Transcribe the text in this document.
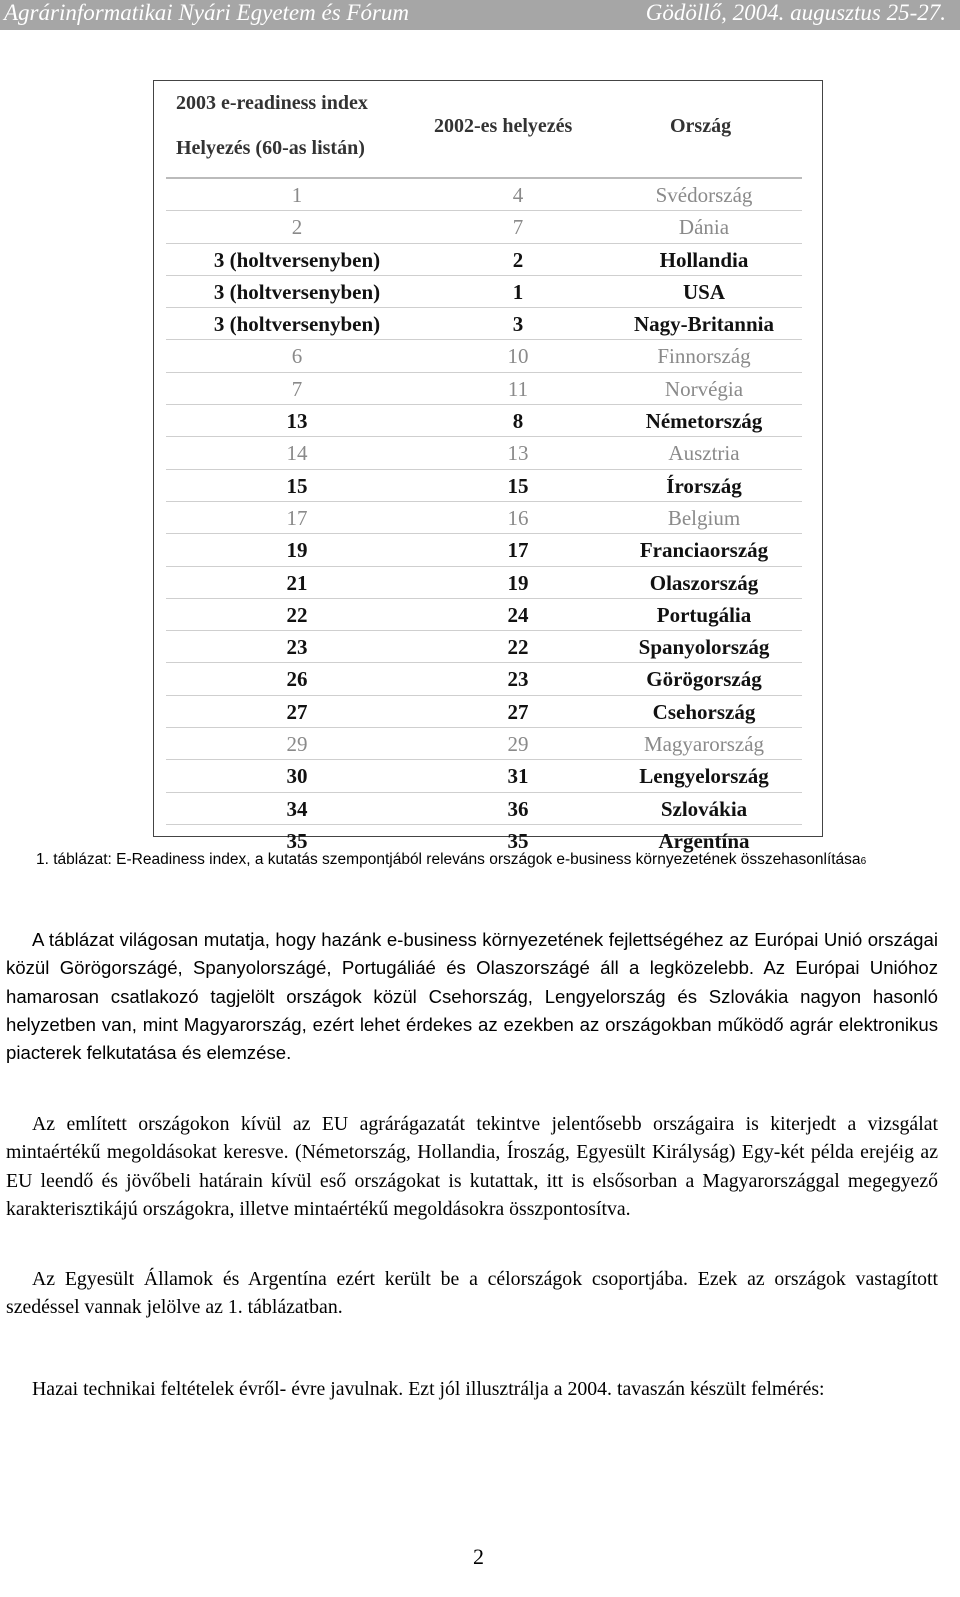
Agrárinformatikai Nyári Egyetem és Fórum	Gödöllő, 2004. augusztus 25-27.
2003 e-readiness index
Helyezés (60-as listán)
2002-es helyezés	Ország
1	4	Svédország
2	7	Dánia
3 (holtversenyben)	2	Hollandia
3 (holtversenyben)	1	USA
3 (holtversenyben)	3	Nagy-Britannia
6	10	Finnország
7	11	Norvégia
13	8	Németország
14	13	Ausztria
15	15	Írország
17	16	Belgium
19	17	Franciaország
21	19	Olaszország
22	24	Portugália
23	22	Spanyolország
26	23	Görögország
27	27	Csehország
29	29	Magyarország
30	31	Lengyelország
34	36	Szlovákia
35	35	Argentína
1. táblázat: E-Readiness index, a kutatás szempontjából releváns országok e-business környezetének összehasonlítása6
A táblázat világosan mutatja, hogy hazánk e-business környezetének fejlettségéhez az Európai Unió országai közül Görögországé, Spanyolországé, Portugáliáé és Olaszországé áll a legközelebb. Az Európai Unióhoz hamarosan csatlakozó tagjelölt országok közül Csehország, Lengyelország és Szlovákia nagyon hasonló helyzetben van, mint Magyarország, ezért lehet érdekes az ezekben az országokban működő agrár elektronikus piacterek felkutatása és elemzése.
Az említett országokon kívül az EU agrárágazatát tekintve jelentősebb országaira is kiterjedt a vizsgálat mintaértékű megoldásokat keresve. (Németország, Hollandia, Íroszág, Egyesült Királyság) Egy-két példa erejéig az EU leendő és jövőbeli határain kívül eső országokat is kutattak, itt is elsősorban a Magyarországgal megegyező karakterisztikájú országokra, illetve mintaértékű megoldásokra összpontosítva.
Az Egyesült Államok és Argentína ezért került be a célországok csoportjába. Ezek az országok vastagított szedéssel vannak jelölve az 1. táblázatban.
Hazai technikai feltételek évről- évre javulnak. Ezt jól illusztrálja a 2004. tavaszán készült felmérés:
2
